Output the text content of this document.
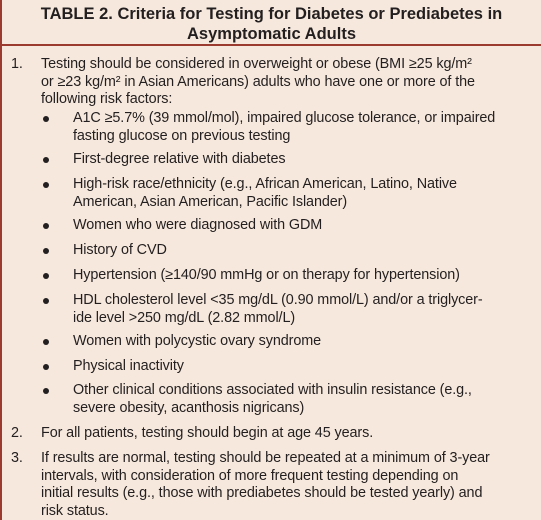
TABLE 2. Criteria for Testing for Diabetes or Prediabetes in
Asymptomatic Adults
1. Testing should be considered in overweight or obese (BMI ≥25 kg/m²
or ≥23 kg/m² in Asian Americans) adults who have one or more of the
following risk factors:
A1C ≥5.7% (39 mmol/mol), impaired glucose tolerance, or impaired
fasting glucose on previous testing
First-degree relative with diabetes
High-risk race/ethnicity (e.g., African American, Latino, Native
American, Asian American, Pacific Islander)
Women who were diagnosed with GDM
History of CVD
Hypertension (≥140/90 mmHg or on therapy for hypertension)
HDL cholesterol level <35 mg/dL (0.90 mmol/L) and/or a triglycer-
ide level >250 mg/dL (2.82 mmol/L)
Women with polycystic ovary syndrome
Physical inactivity
Other clinical conditions associated with insulin resistance (e.g.,
severe obesity, acanthosis nigricans)
2. For all patients, testing should begin at age 45 years.
3. If results are normal, testing should be repeated at a minimum of 3-year
intervals, with consideration of more frequent testing depending on
initial results (e.g., those with prediabetes should be tested yearly) and
risk status.
